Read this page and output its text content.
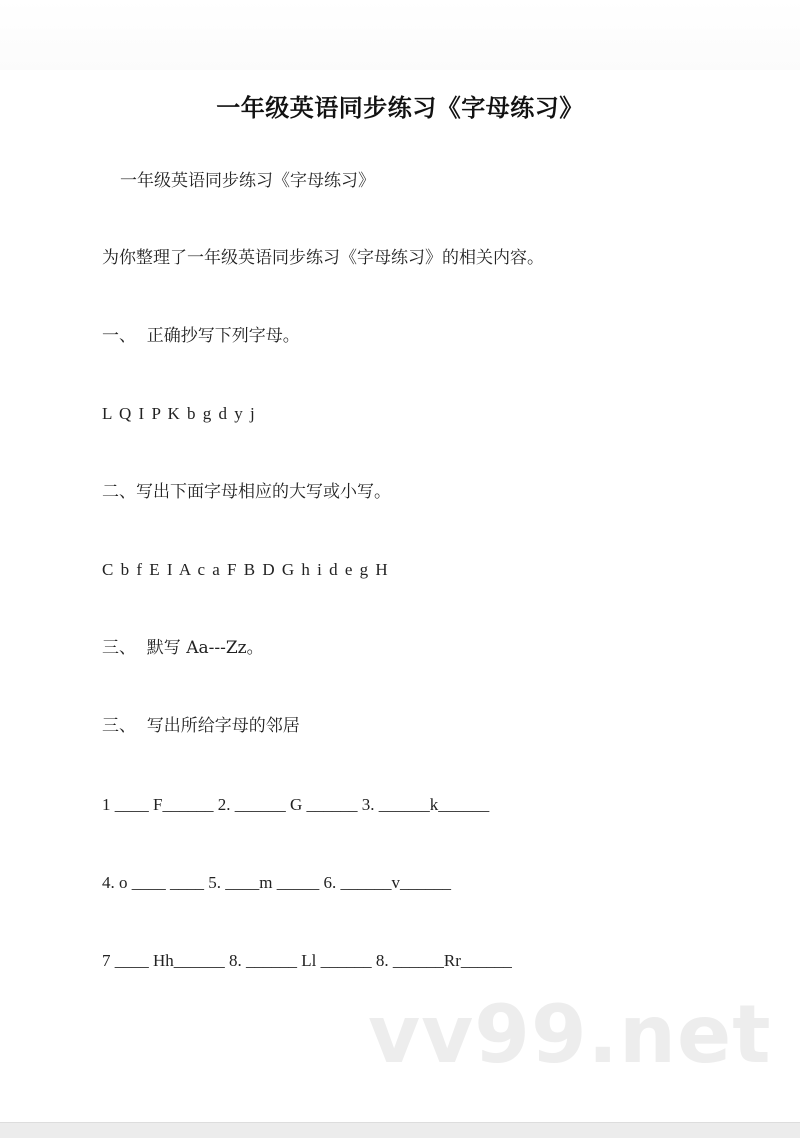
一年级英语同步练习《字母练习》
一年级英语同步练习《字母练习》
为你整理了一年级英语同步练习《字母练习》的相关内容。
一、  正确抄写下列字母。
L Q I P K b g d y j
二、写出下面字母相应的大写或小写。
C b f E I A c a F B D G h i d e g H
三、  默写 Aa---Zz。
三、  写出所给字母的邻居
1 ____ F______ 2. ______ G ______ 3. ______k______
4. o ____ ____ 5. ____m _____ 6. ______v______
7 ____ Hh______ 8. ______ Ll ______ 8. ______Rr______
vv99.net
